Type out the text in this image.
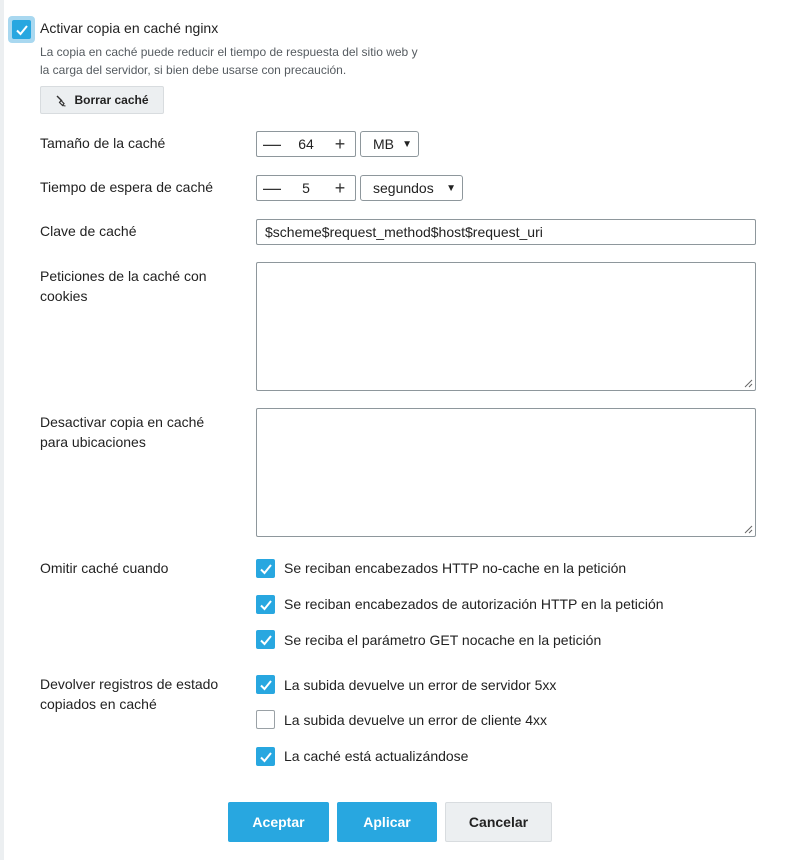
Activar copia en caché nginx
La copia en caché puede reducir el tiempo de respuesta del sitio web y
la carga del servidor, si bien debe usarse con precaución.
Borrar caché
Tamaño de la caché	—	64	+	MB ▼
Tiempo de espera de caché	—	5	+	segundos ▼
Clave de caché	$scheme$request_method$host$request_uri
Peticiones de la caché con
cookies
Desactivar copia en caché
para ubicaciones
Omitir caché cuando	Se reciban encabezados HTTP no-cache en la petición
Se reciban encabezados de autorización HTTP en la petición
Se reciba el parámetro GET nocache en la petición
Devolver registros de estado
copiados en caché
La subida devuelve un error de servidor 5xx
La subida devuelve un error de cliente 4xx
La caché está actualizándose
Aceptar	Aplicar	Cancelar
